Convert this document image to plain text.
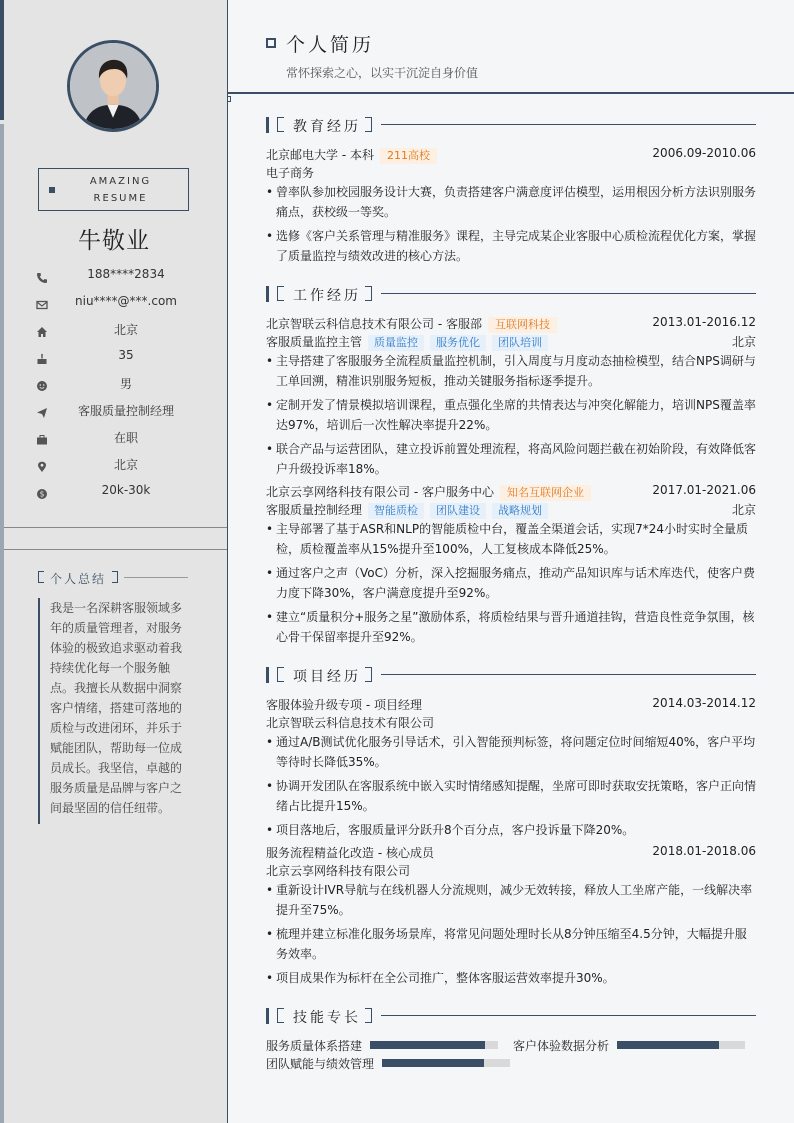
AMAZING
RESUME
牛敬业
188****2834
niu****@***.com
北京
35
男
客服质量控制经理
在职
北京
$	20k-30k
个人总结
我是一名深耕客服领域多年的质量管理者，对服务体验的极致追求驱动着我持续优化每一个服务触点。我擅长从数据中洞察客户情绪，搭建可落地的质检与改进闭环，并乐于赋能团队，帮助每一位成员成长。我坚信，卓越的服务质量是品牌与客户之间最坚固的信任纽带。
个人简历
常怀探索之心，以实干沉淀自身价值
教育经历
北京邮电大学 - 本科 211高校	2006.09-2010.06
电子商务
• 曾率队参加校园服务设计大赛，负责搭建客户满意度评估模型，运用根因分析方法识别服务痛点，获校级一等奖。
• 选修《客户关系管理与精准服务》课程，主导完成某企业客服中心质检流程优化方案，掌握了质量监控与绩效改进的核心方法。
工作经历
北京智联云科信息技术有限公司 - 客服部 互联网科技	2013.01-2016.12
客服质量监控主管 质量监控 服务优化 团队培训	北京
• 主导搭建了客服服务全流程质量监控机制，引入周度与月度动态抽检模型，结合NPS调研与工单回溯，精准识别服务短板，推动关键服务指标逐季提升。
• 定制开发了情景模拟培训课程，重点强化坐席的共情表达与冲突化解能力，培训NPS覆盖率达97%，培训后一次性解决率提升22%。
• 联合产品与运营团队，建立投诉前置处理流程，将高风险问题拦截在初始阶段，有效降低客户升级投诉率18%。
北京云享网络科技有限公司 - 客户服务中心 知名互联网企业	2017.01-2021.06
客服质量控制经理 智能质检 团队建设 战略规划	北京
• 主导部署了基于ASR和NLP的智能质检中台，覆盖全渠道会话，实现7*24小时实时全量质检，质检覆盖率从15%提升至100%，人工复核成本降低25%。
• 通过客户之声（VoC）分析，深入挖掘服务痛点，推动产品知识库与话术库迭代，使客户费力度下降30%，客户满意度提升至92%。
• 建立“质量积分+服务之星”激励体系，将质检结果与晋升通道挂钩，营造良性竞争氛围，核心骨干保留率提升至92%。
项目经历
客服体验升级专项 - 项目经理	2014.03-2014.12
北京智联云科信息技术有限公司
• 通过A/B测试优化服务引导话术，引入智能预判标签，将问题定位时间缩短40%，客户平均等待时长降低35%。
• 协调开发团队在客服系统中嵌入实时情绪感知提醒，坐席可即时获取安抚策略，客户正向情绪占比提升15%。
• 项目落地后，客服质量评分跃升8个百分点，客户投诉量下降20%。
服务流程精益化改造 - 核心成员	2018.01-2018.06
北京云享网络科技有限公司
• 重新设计IVR导航与在线机器人分流规则，减少无效转接，释放人工坐席产能，一线解决率提升至75%。
• 梳理并建立标准化服务场景库，将常见问题处理时长从8分钟压缩至4.5分钟，大幅提升服务效率。
• 项目成果作为标杆在全公司推广，整体客服运营效率提升30%。
技能专长
服务质量体系搭建	客户体验数据分析
团队赋能与绩效管理
